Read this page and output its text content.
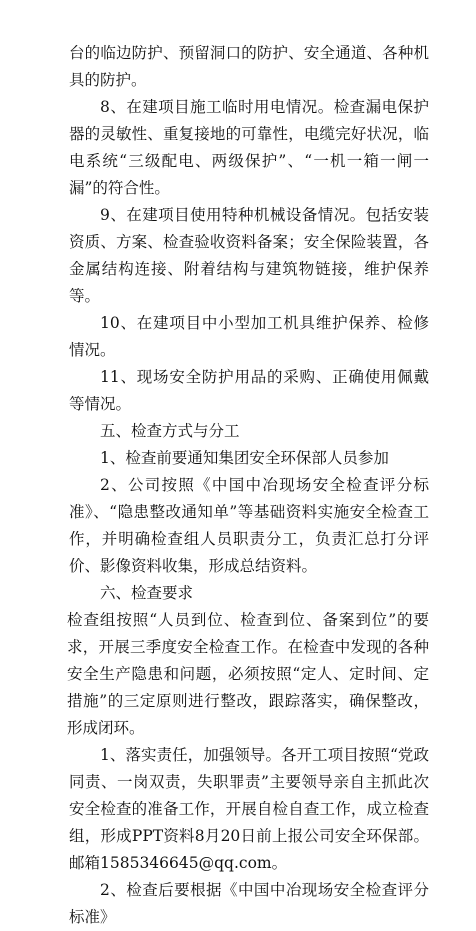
台的临边防护、预留洞口的防护、安全通道、各种机具的防护。

8、在建项目施工临时用电情况。检查漏电保护器的灵敏性、重复接地的可靠性，电缆完好状况，临电系统“三级配电、两级保护”、“一机一箱一闸一漏”的符合性。

9、在建项目使用特种机械设备情况。包括安装资质、方案、检查验收资料备案；安全保险装置，各金属结构连接、附着结构与建筑物链接，维护保养等。

10、在建项目中小型加工机具维护保养、检修情况。

11、现场安全防护用品的采购、正确使用佩戴等情况。

五、检查方式与分工

1、检查前要通知集团安全环保部人员参加

2、公司按照《中国中冶现场安全检查评分标准》、“隐患整改通知单”等基础资料实施安全检查工作，并明确检查组人员职责分工，负责汇总打分评价、影像资料收集，形成总结资料。

六、检查要求

检查组按照“人员到位、检查到位、备案到位”的要求，开展三季度安全检查工作。在检查中发现的各种安全生产隐患和问题，必须按照“定人、定时间、定措施”的三定原则进行整改，跟踪落实，确保整改，形成闭环。

1、落实责任，加强领导。各开工项目按照“党政同责、一岗双责，失职罪责”主要领导亲自主抓此次安全检查的准备工作，开展自检自查工作，成立检查组，形成PPT资料8月20日前上报公司安全环保部。邮箱1585346645@qq.com。

2、检查后要根据《中国中冶现场安全检查评分标准》
